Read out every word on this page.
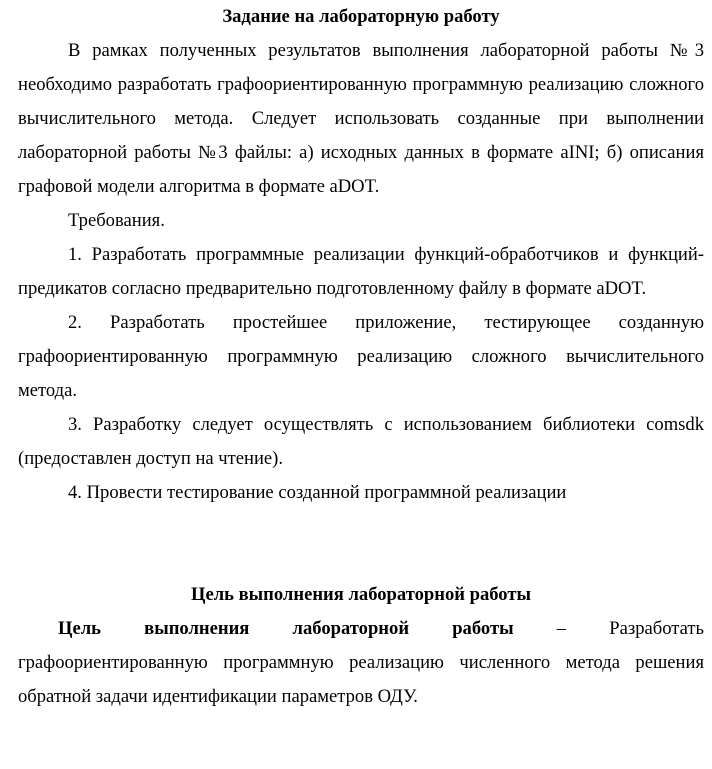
Задание на лабораторную работу

В рамках полученных результатов выполнения лабораторной работы №3 необходимо разработать графоориентированную программную реализацию сложного вычислительного метода. Следует использовать созданные при выполнении лабораторной работы №3 файлы: а) исходных данных в формате aINI; б) описания графовой модели алгоритма в формате aDOT.

Требования.

1. Разработать программные реализации функций-обработчиков и функций-предикатов согласно предварительно подготовленному файлу в формате aDOT.

2. Разработать простейшее приложение, тестирующее созданную графоориентированную программную реализацию сложного вычислительного метода.

3. Разработку следует осуществлять с использованием библиотеки comsdk (предоставлен доступ на чтение).

4. Провести тестирование созданной программной реализации

Цель выполнения лабораторной работы
Цель выполнения лабораторной работы – Разработать
графоориентированную программную реализацию численного метода решения обратной задачи идентификации параметров ОДУ.
